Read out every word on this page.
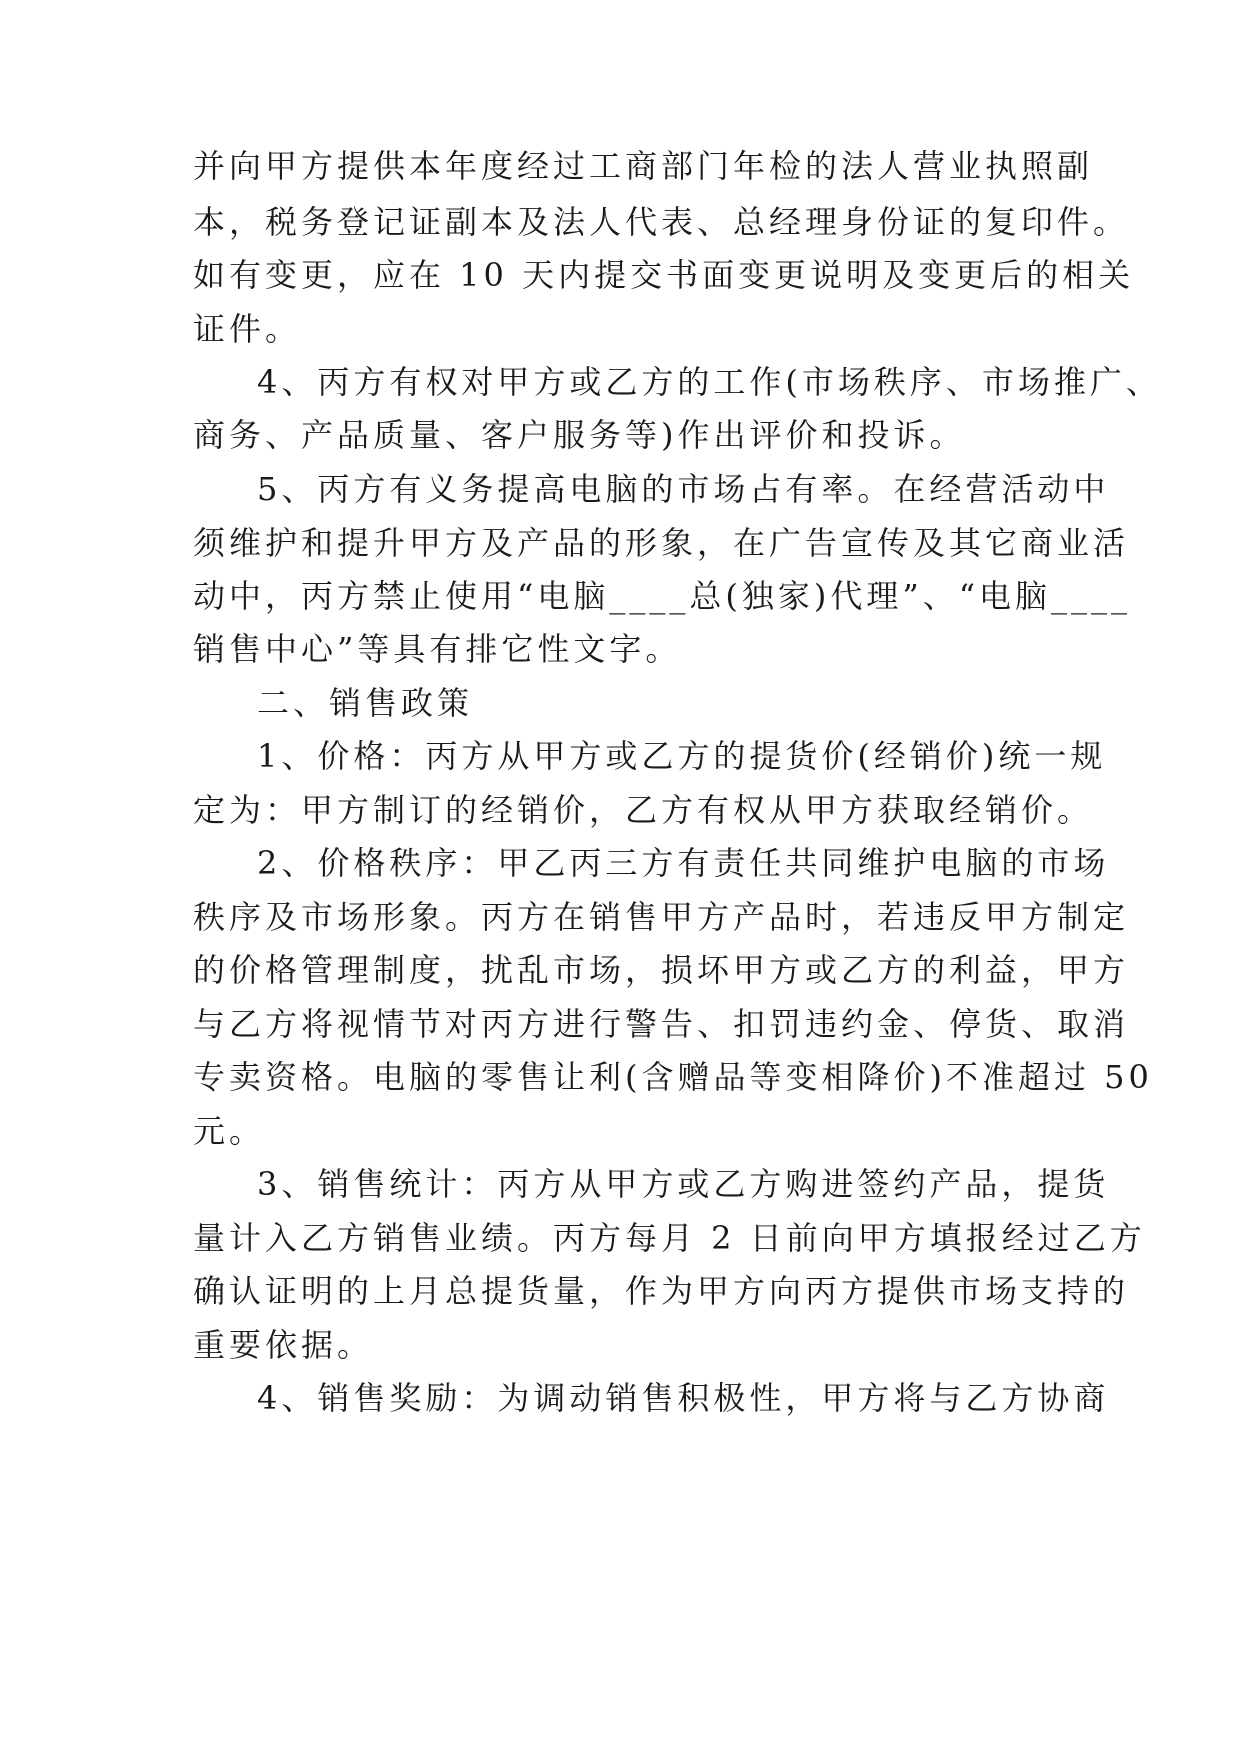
并向甲方提供本年度经过工商部门年检的法人营业执照副
本，税务登记证副本及法人代表、总经理身份证的复印件。
如有变更，应在 10 天内提交书面变更说明及变更后的相关
证件。
4、丙方有权对甲方或乙方的工作(市场秩序、市场推广、
商务、产品质量、客户服务等)作出评价和投诉。
5、丙方有义务提高电脑的市场占有率。在经营活动中
须维护和提升甲方及产品的形象，在广告宣传及其它商业活
动中，丙方禁止使用“电脑____总(独家)代理”、“电脑____
销售中心”等具有排它性文字。
二、销售政策
1、价格：丙方从甲方或乙方的提货价(经销价)统一规
定为：甲方制订的经销价，乙方有权从甲方获取经销价。
2、价格秩序：甲乙丙三方有责任共同维护电脑的市场
秩序及市场形象。丙方在销售甲方产品时，若违反甲方制定
的价格管理制度，扰乱市场，损坏甲方或乙方的利益，甲方
与乙方将视情节对丙方进行警告、扣罚违约金、停货、取消
专卖资格。电脑的零售让利(含赠品等变相降价)不准超过 50
元。
3、销售统计：丙方从甲方或乙方购进签约产品，提货
量计入乙方销售业绩。丙方每月 2 日前向甲方填报经过乙方
确认证明的上月总提货量，作为甲方向丙方提供市场支持的
重要依据。
4、销售奖励：为调动销售积极性，甲方将与乙方协商
